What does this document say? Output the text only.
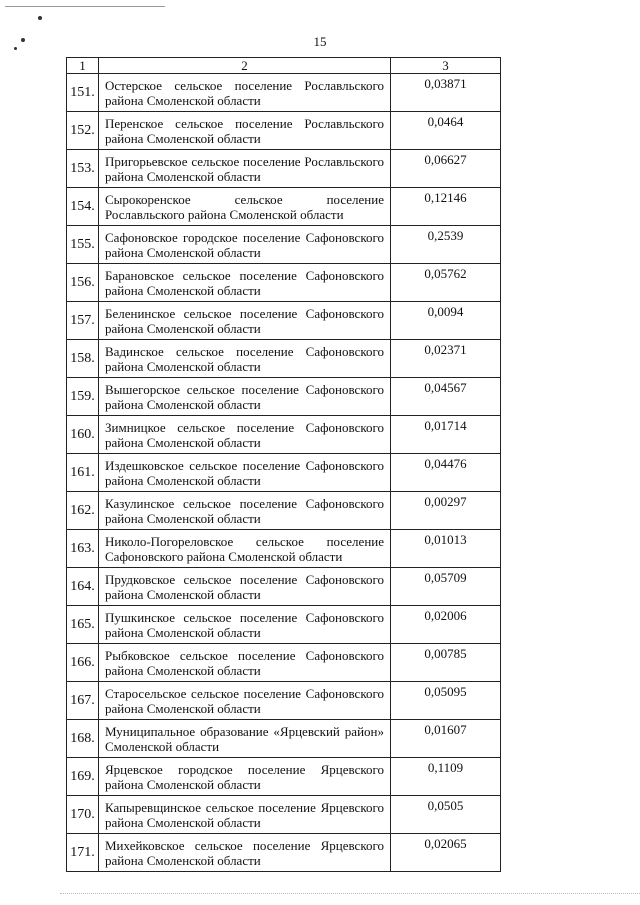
15
1	2	3
151.	Остерское сельское поселение Рославльского района Смоленской области	0,03871
152.	Перенское сельское поселение Рославльского района Смоленской области	0,0464
153.	Пригорьевское сельское поселение Рославльского района Смоленской области	0,06627
154.	Сырокоренское сельское поселение Рославльского района Смоленской области	0,12146
155.	Сафоновское городское поселение Сафоновского района Смоленской области	0,2539
156.	Барановское сельское поселение Сафоновского района Смоленской области	0,05762
157.	Беленинское сельское поселение Сафоновского района Смоленской области	0,0094
158.	Вадинское сельское поселение Сафоновского района Смоленской области	0,02371
159.	Вышегорское сельское поселение Сафоновского района Смоленской области	0,04567
160.	Зимницкое сельское поселение Сафоновского района Смоленской области	0,01714
161.	Издешковское сельское поселение Сафоновского района Смоленской области	0,04476
162.	Казулинское сельское поселение Сафоновского района Смоленской области	0,00297
163.	Николо-Погореловское сельское поселение Сафоновского района Смоленской области	0,01013
164.	Прудковское сельское поселение Сафоновского района Смоленской области	0,05709
165.	Пушкинское сельское поселение Сафоновского района Смоленской области	0,02006
166.	Рыбковское сельское поселение Сафоновского района Смоленской области	0,00785
167.	Старосельское сельское поселение Сафоновского района Смоленской области	0,05095
168.	Муниципальное образование «Ярцевский район» Смоленской области	0,01607
169.	Ярцевское городское поселение Ярцевского района Смоленской области	0,1109
170.	Капыревщинское сельское поселение Ярцевского района Смоленской области	0,0505
171.	Михейковское сельское поселение Ярцевского района Смоленской области	0,02065
